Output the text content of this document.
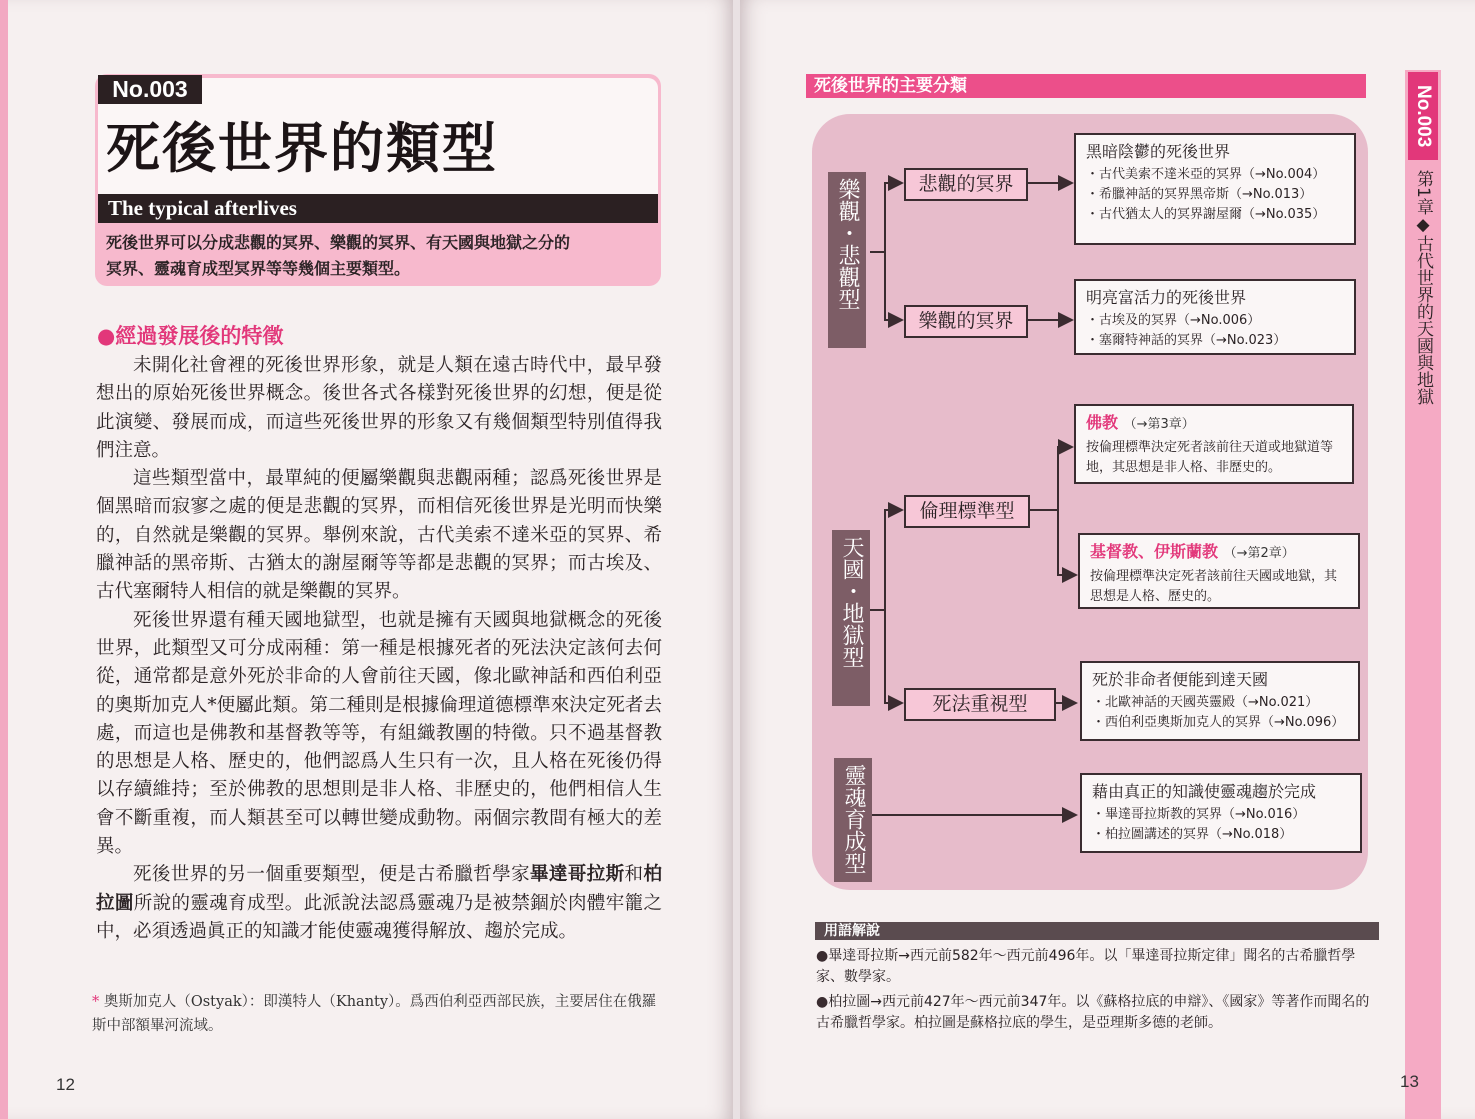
No.003
死後世界的類型
The typical afterlives
死後世界可以分成悲觀的冥界、樂觀的冥界、有天國與地獄之分的
冥界、靈魂育成型冥界等等幾個主要類型。
●經過發展後的特徵

未開化社會裡的死後世界形象，就是人類在遠古時代中，最早發想出的原始死後世界概念。後世各式各樣對死後世界的幻想，便是從此演變、發展而成，而這些死後世界的形象又有幾個類型特別值得我們注意。

這些類型當中，最單純的便屬樂觀與悲觀兩種；認爲死後世界是個黑暗而寂寥之處的便是悲觀的冥界，而相信死後世界是光明而快樂的，自然就是樂觀的冥界。舉例來說，古代美索不達米亞的冥界、希臘神話的黑帝斯、古猶太的謝屋爾等等都是悲觀的冥界；而古埃及、古代塞爾特人相信的就是樂觀的冥界。

死後世界還有種天國地獄型，也就是擁有天國與地獄概念的死後世界，此類型又可分成兩種：第一種是根據死者的死法決定該何去何從，通常都是意外死於非命的人會前往天國，像北歐神話和西伯利亞的奧斯加克人*便屬此類。第二種則是根據倫理道德標準來決定死者去處，而這也是佛教和基督教等等，有組織教團的特徵。只不過基督教的思想是人格、歷史的，他們認爲人生只有一次，且人格在死後仍得以存續維持；至於佛教的思想則是非人格、非歷史的，他們相信人生會不斷重複，而人類甚至可以轉世變成動物。兩個宗教間有極大的差異。

死後世界的另一個重要類型，便是古希臘哲學家畢達哥拉斯和柏拉圖所說的靈魂育成型。此派說法認爲靈魂乃是被禁錮於肉體牢籠之中，必須透過眞正的知識才能使靈魂獲得解放、趨於完成。

* 奧斯加克人（Ostyak）：即漢特人（Khanty）。爲西伯利亞西部民族，主要居住在俄羅斯中部額畢河流域。
12
死後世界的主要分類
樂觀・悲觀型
天國・地獄型
靈魂育成型
悲觀的冥界
樂觀的冥界
倫理標準型
死法重視型
黑暗陰鬱的死後世界
・古代美索不達米亞的冥界（→No.004）
・希臘神話的冥界黑帝斯（→No.013）
・古代猶太人的冥界謝屋爾（→No.035）
明亮富活力的死後世界
・古埃及的冥界（→No.006）
・塞爾特神話的冥界（→No.023）
佛教 （→第3章）
按倫理標準決定死者該前往天道或地獄道等地，其思想是非人格、非歷史的。
基督教、伊斯蘭教 （→第2章）
按倫理標準決定死者該前往天國或地獄，其思想是人格、歷史的。
死於非命者便能到達天國
・北歐神話的天國英靈殿（→No.021）
・西伯利亞奧斯加克人的冥界（→No.096）
藉由真正的知識使靈魂趨於完成
・畢達哥拉斯教的冥界（→No.016）
・柏拉圖講述的冥界（→No.018）
No.003
第1章◆古代世界的天國與地獄
用語解說
●畢達哥拉斯→西元前582年～西元前496年。以「畢達哥拉斯定律」聞名的古希臘哲學家、數學家。
●柏拉圖→西元前427年～西元前347年。以《蘇格拉底的申辯》、《國家》等著作而聞名的古希臘哲學家。柏拉圖是蘇格拉底的學生，是亞理斯多德的老師。
13
